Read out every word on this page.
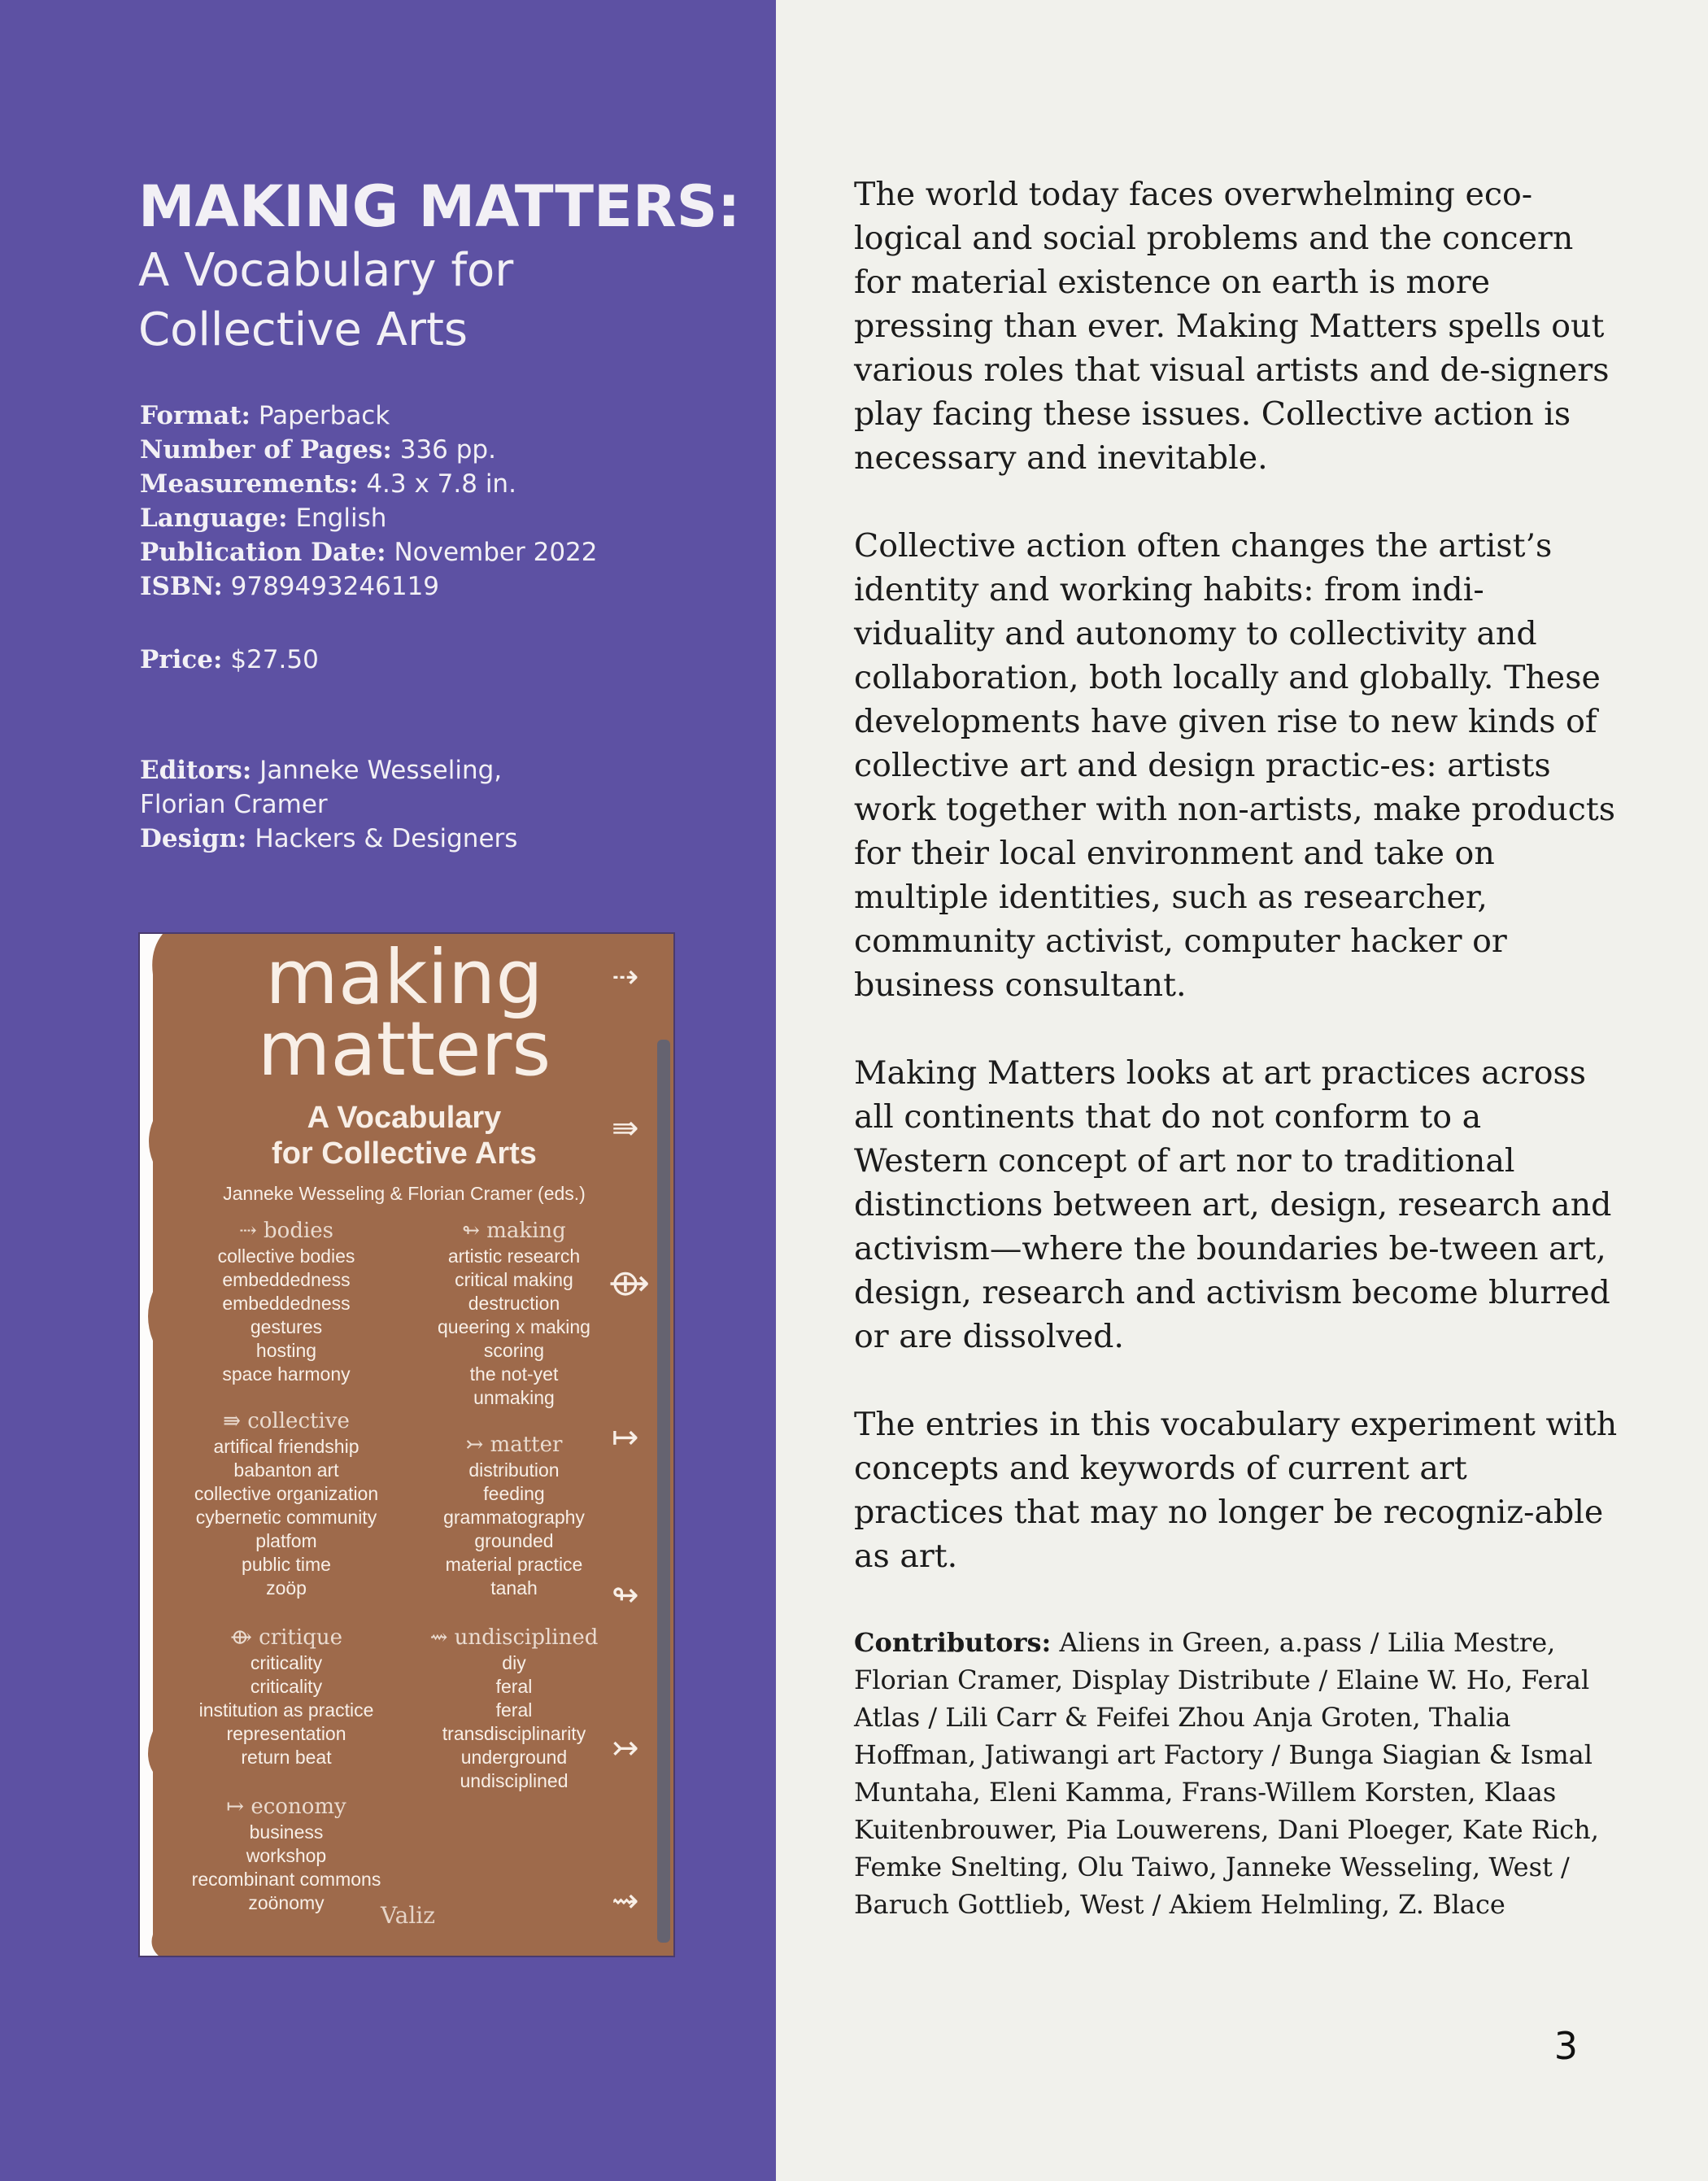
MAKING MATTERS:
A Vocabulary for Collective Arts
Format: Paperback
Number of Pages: 336 pp.
Measurements: 4.3 x 7.8 in.
Language: English
Publication Date: November 2022
ISBN: 9789493246119
Price: $27.50
Editors: Janneke Wesseling,
Florian Cramer
Design: Hackers & Designers
making
matters
A Vocabulary
for Collective Arts
Janneke Wesseling & Florian Cramer (eds.)
⇢ bodies
collective bodies
embeddedness
embeddedness
gestures
hosting
space harmony
⇛ collective
artifical friendship
babanton art
collective organization
cybernetic community
platfom
public time
zoöp
⟴ critique
criticality
criticality
institution as practice
representation
return beat
↦ economy
business
workshop
recombinant commons
zoönomy
↬ making
artistic research
critical making
destruction
queering x making
scoring
the not-yet
unmaking
↣ matter
distribution
feeding
grammatography
grounded
material practice
tanah
⇝ undisciplined
diy
feral
feral
transdisciplinarity
underground
undisciplined
Valiz
⇢
⇛
⟴
↦
↬
↣
⇝

The world today faces overwhelming eco-logical and social problems and the concern for material existence on earth is more pressing than ever. Making Matters spells out various roles that visual artists and de-signers play facing these issues. Collective action is necessary and inevitable.

Collective action often changes the artist’s identity and working habits: from indi-viduality and autonomy to collectivity and collaboration, both locally and globally. These developments have given rise to new kinds of collective art and design practic-es: artists work together with non-artists, make products for their local environment and take on multiple identities, such as researcher, community activist, computer hacker or business consultant.

Making Matters looks at art practices across all continents that do not conform to a Western concept of art nor to traditional distinctions between art, design, research and activism—where the boundaries be-tween art, design, research and activism become blurred or are dissolved.

The entries in this vocabulary experiment with concepts and keywords of current art practices that may no longer be recogniz-able as art.

Contributors: Aliens in Green, a.pass / Lilia Mestre, Florian Cramer, Display Distribute / Elaine W. Ho, Feral Atlas / Lili Carr & Feifei Zhou Anja Groten, Thalia Hoffman, Jatiwangi art Factory / Bunga Siagian & Ismal Muntaha, Eleni Kamma, Frans-Willem Korsten, Klaas Kuitenbrouwer, Pia Louwerens, Dani Ploeger, Kate Rich, Femke Snelting, Olu Taiwo, Janneke Wesseling, West / Baruch Gottlieb, West / Akiem Helmling, Z. Blace
3
